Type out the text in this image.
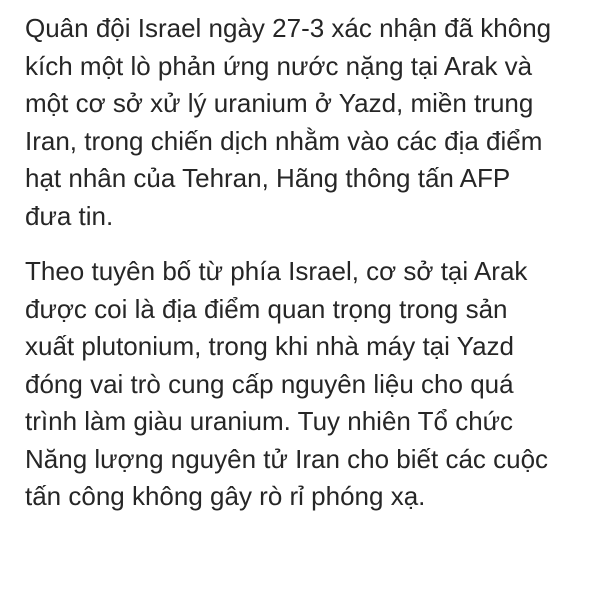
Quân đội Israel ngày 27-3 xác nhận đã không
kích một lò phản ứng nước nặng tại Arak và
một cơ sở xử lý uranium ở Yazd, miền trung
Iran, trong chiến dịch nhằm vào các địa điểm
hạt nhân của Tehran, Hãng thông tấn AFP
đưa tin.

Theo tuyên bố từ phía Israel, cơ sở tại Arak
được coi là địa điểm quan trọng trong sản
xuất plutonium, trong khi nhà máy tại Yazd
đóng vai trò cung cấp nguyên liệu cho quá
trình làm giàu uranium. Tuy nhiên Tổ chức
Năng lượng nguyên tử Iran cho biết các cuộc
tấn công không gây rò rỉ phóng xạ.
